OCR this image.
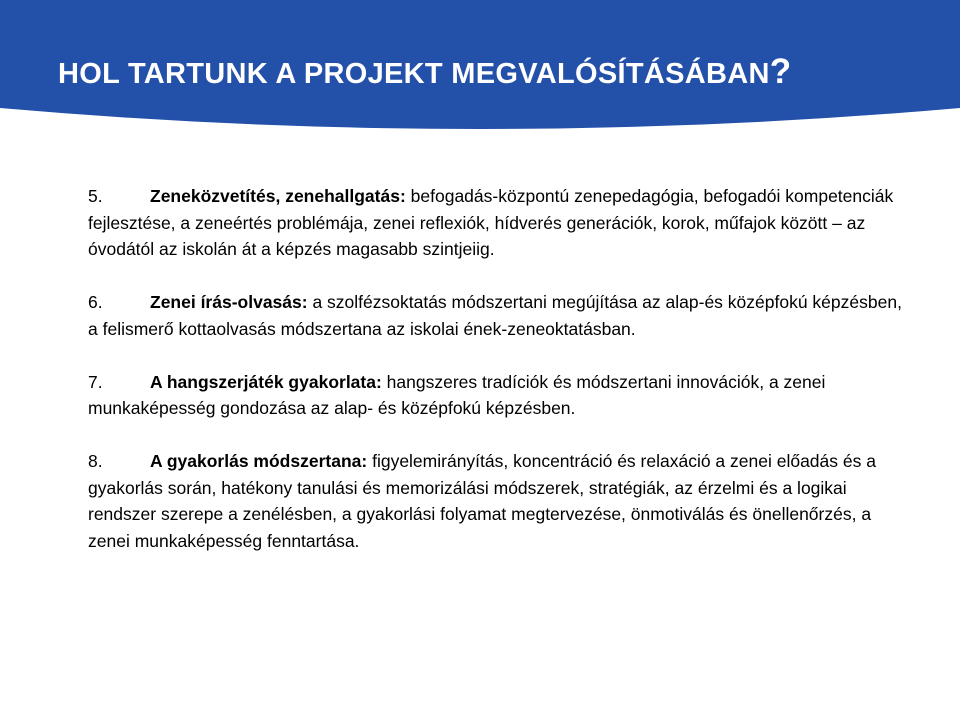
HOL TARTUNK A PROJEKT MEGVALÓSÍTÁSÁBAN?

5.	Zeneközvetítés, zenehallgatás: befogadás-központú zenepedagógia, befogadói kompetenciák fejlesztése, a zeneértés problémája, zenei reflexiók, hídverés generációk, korok, műfajok között – az óvodától az iskolán át a képzés magasabb szintjeiig.

6.	Zenei írás-olvasás: a szolfézsoktatás módszertani megújítása az alap-és középfokú képzésben, a felismerő kottaolvasás módszertana az iskolai ének-zeneoktatásban.

7.	A hangszerjáték gyakorlata: hangszeres tradíciók és módszertani innovációk, a zenei munkaképesség gondozása az alap- és középfokú képzésben.

8.	A gyakorlás módszertana: figyelemirányítás, koncentráció és relaxáció a zenei előadás és a gyakorlás során, hatékony tanulási és memorizálási módszerek, stratégiák, az érzelmi és a logikai rendszer szerepe a zenélésben, a gyakorlási folyamat megtervezése, önmotiválás és önellenőrzés, a zenei munkaképesség fenntartása.
